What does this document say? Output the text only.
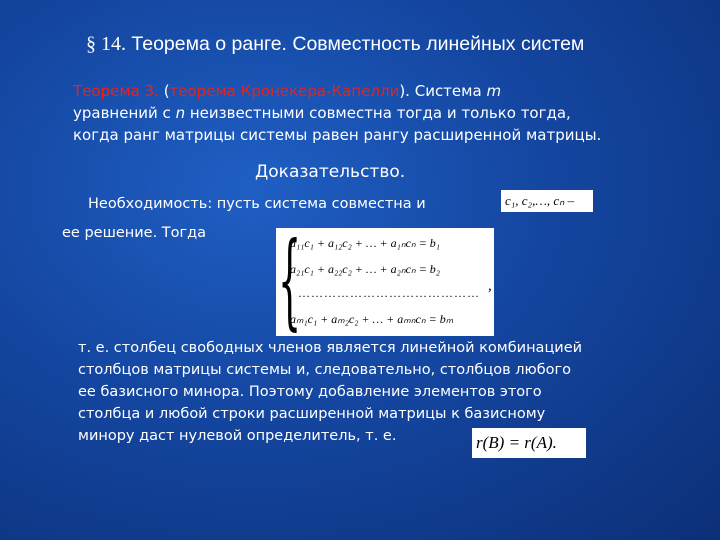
§ 14. Теорема о ранге. Совместность линейных систем
Теорема 3. (теорема Кронекера-Капелли). Система m
уравнений с n неизвестными совместна тогда и только тогда,
когда ранг матрицы системы равен рангу расширенной матрицы.
Доказательство.
Необходимость: пусть система совместна и
ее решение. Тогда
c₁, c₂,…, cₙ –
{
a₁₁c₁ + a₁₂c₂ + … + a₁ₙcₙ = b₁
a₂₁c₁ + a₂₂c₂ + … + a₂ₙcₙ = b₂
……………………………………
aₘ₁c₁ + aₘ₂c₂ + … + aₘₙcₙ = bₘ
,
т. е. столбец свободных членов является линейной комбинацией
столбцов матрицы системы и, следовательно, столбцов любого
ее базисного минора. Поэтому добавление элементов этого
столбца и любой строки расширенной матрицы к базисному
минору даст нулевой определитель, т. е.	r(B) = r(A).
